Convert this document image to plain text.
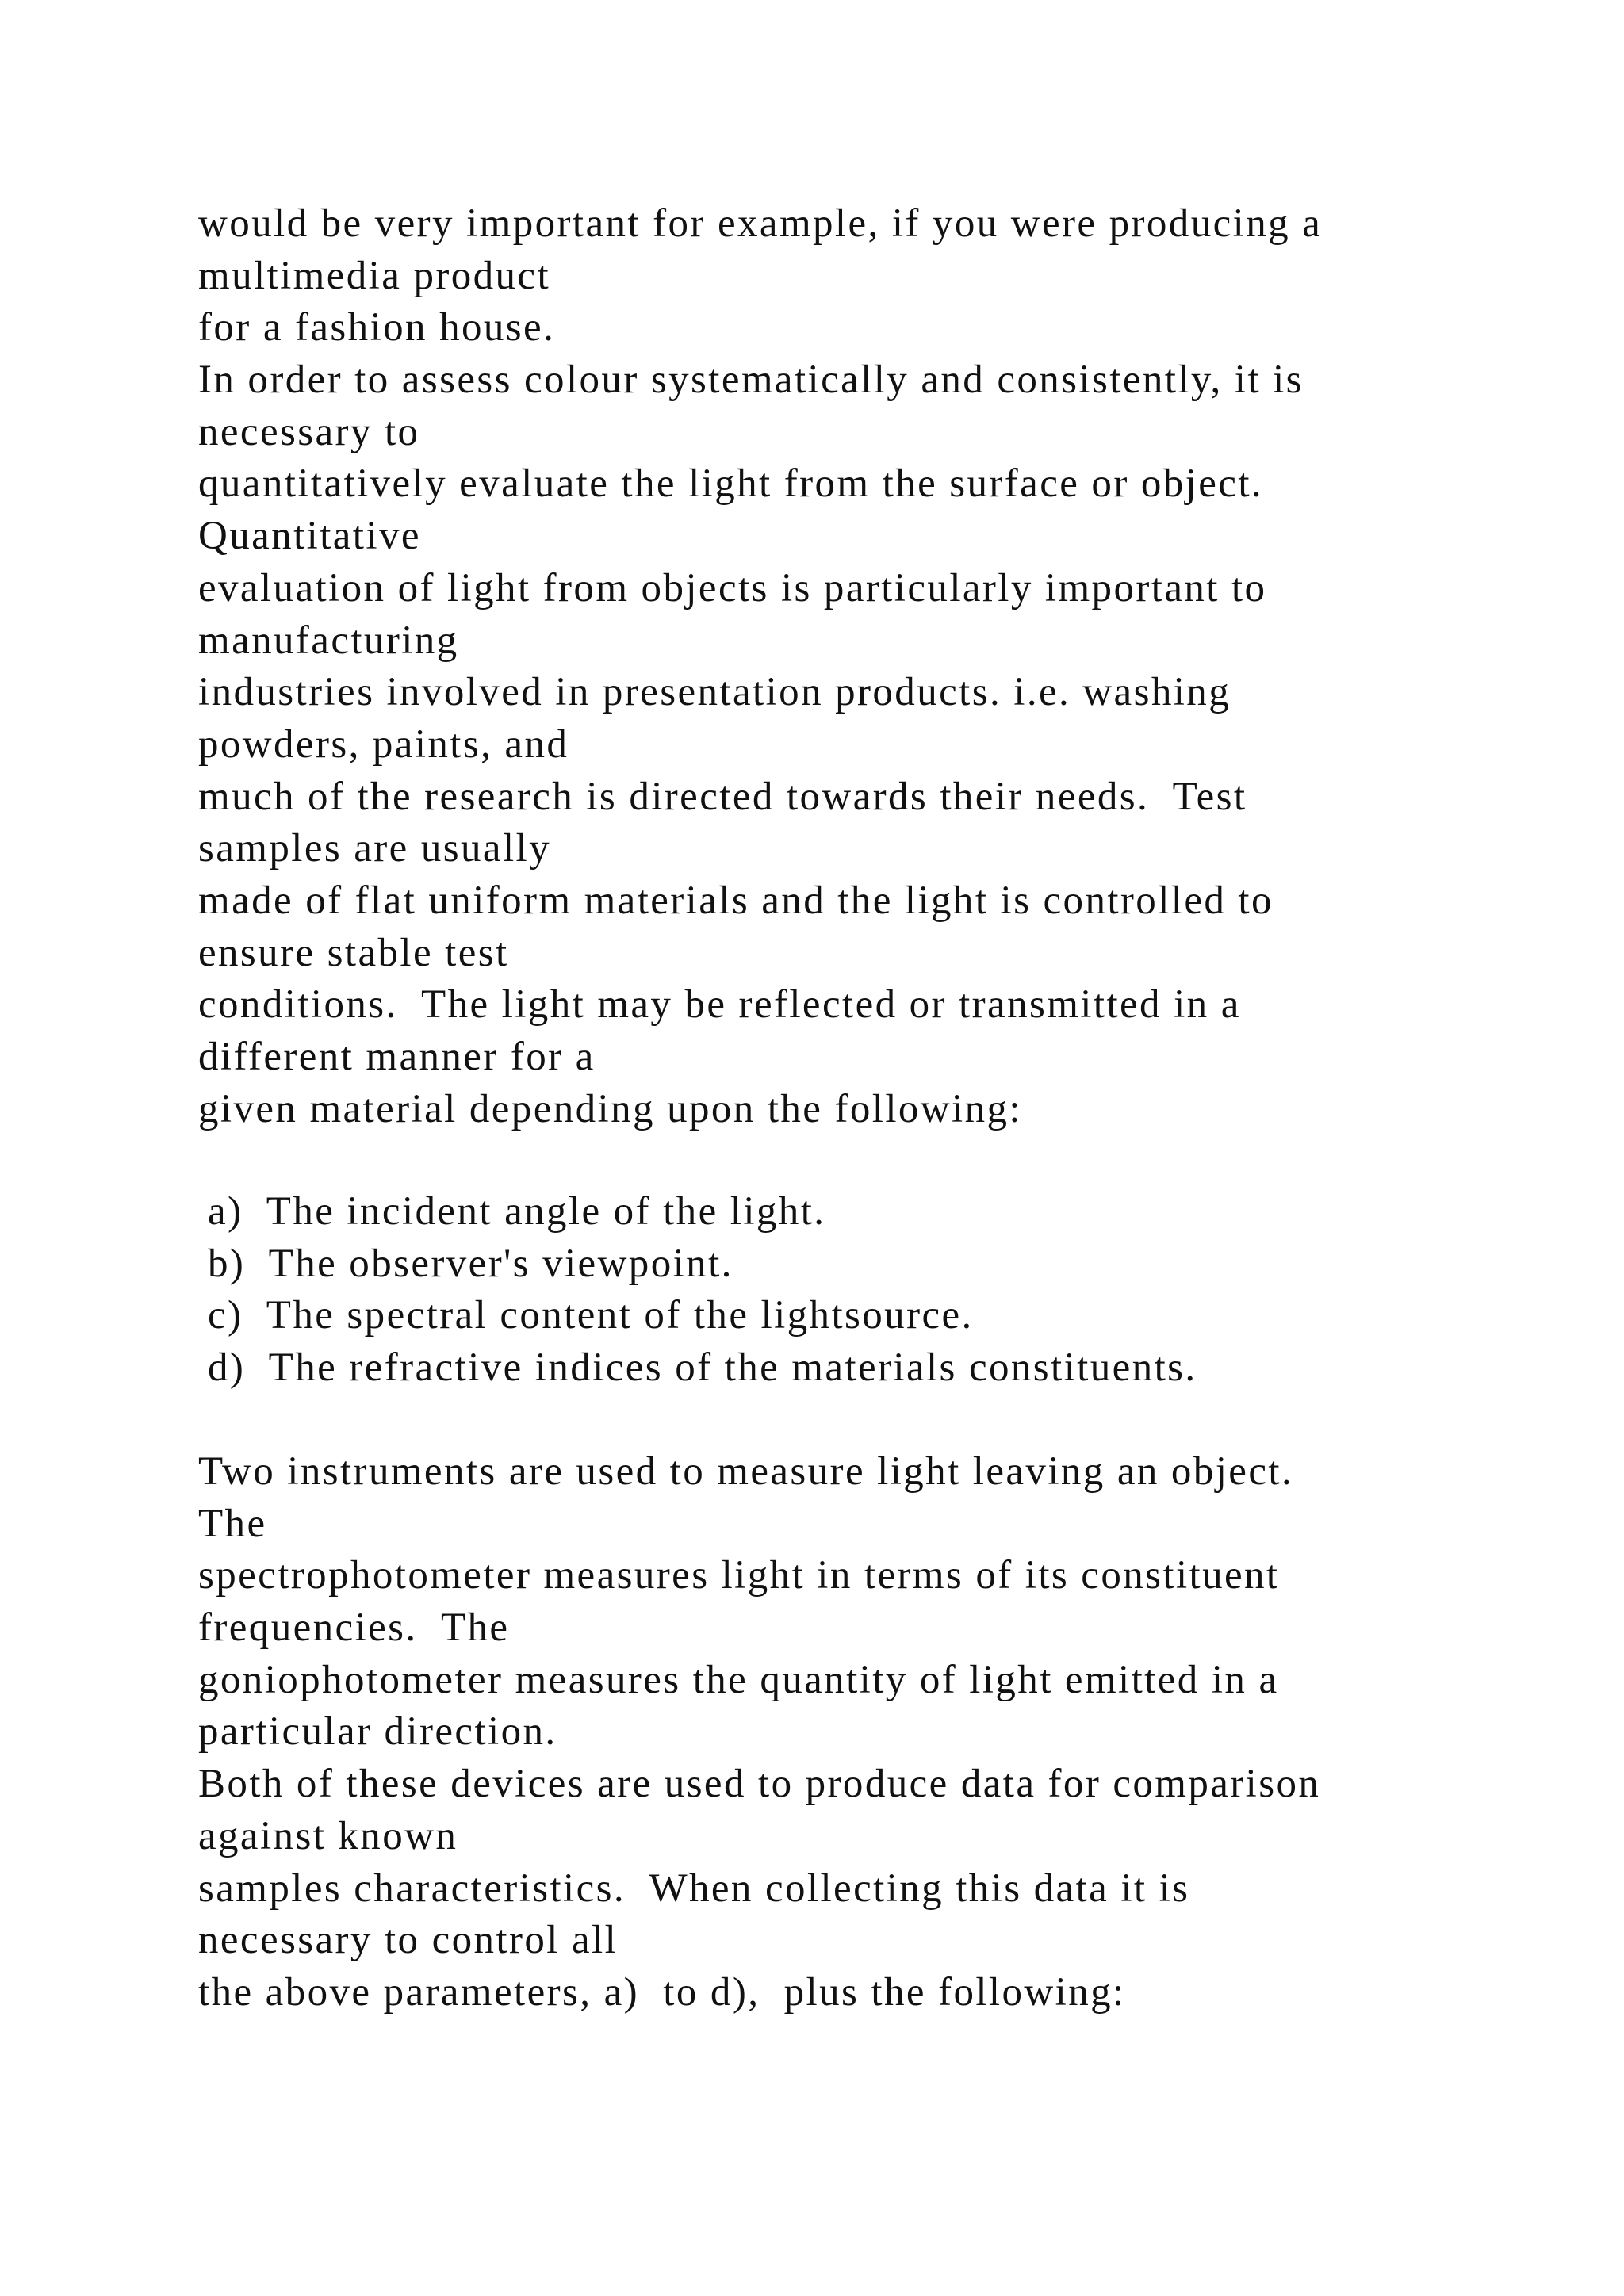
would be very important for example, if you were producing a
multimedia product
for a fashion house.
In order to assess colour systematically and consistently, it is
necessary to
quantitatively evaluate the light from the surface or object.
Quantitative
evaluation of light from objects is particularly important to
manufacturing
industries involved in presentation products. i.e. washing
powders, paints, and
much of the research is directed towards their needs.  Test
samples are usually
made of flat uniform materials and the light is controlled to
ensure stable test
conditions.  The light may be reflected or transmitted in a
different manner for a
given material depending upon the following:
a)  The incident angle of the light.
b)  The observer's viewpoint.
c)  The spectral content of the lightsource.
d)  The refractive indices of the materials constituents.
Two instruments are used to measure light leaving an object.
The
spectrophotometer measures light in terms of its constituent
frequencies.  The
goniophotometer measures the quantity of light emitted in a
particular direction.
Both of these devices are used to produce data for comparison
against known
samples characteristics.  When collecting this data it is
necessary to control all
the above parameters, a)  to d),  plus the following:
